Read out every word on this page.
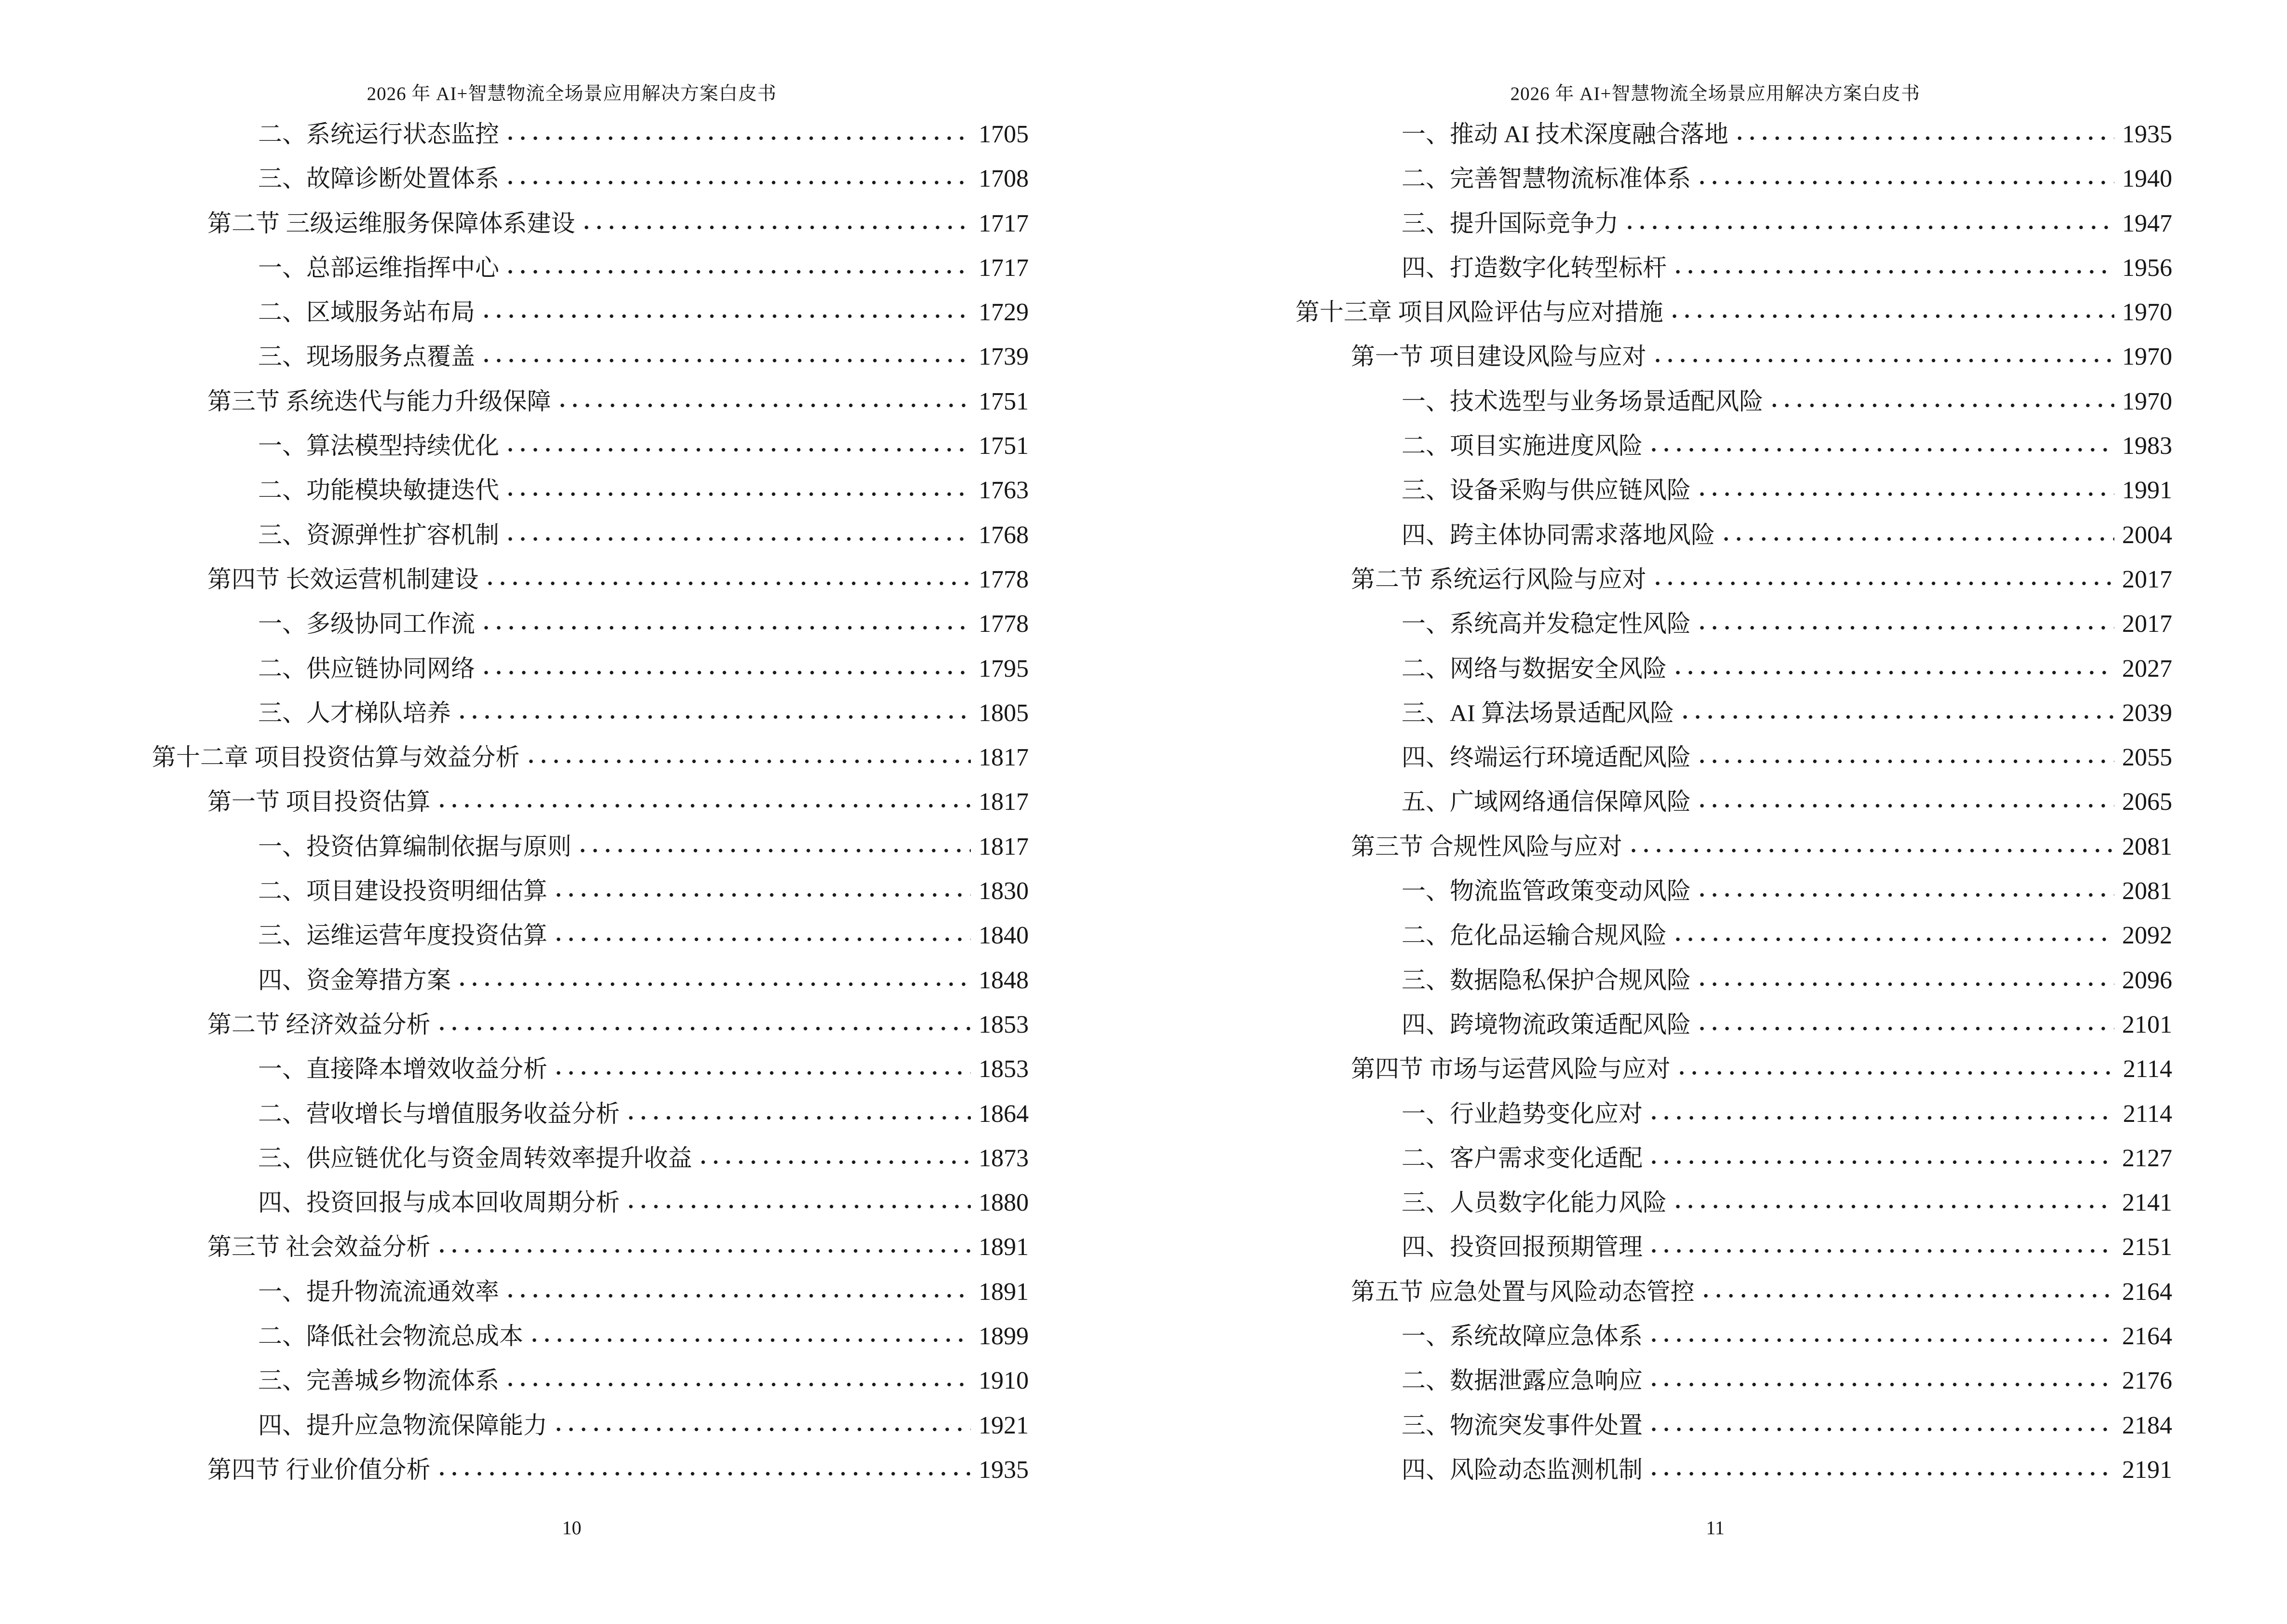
2026 年 AI+智慧物流全场景应用解决方案白皮书
二、系统运行状态监控	1705
三、故障诊断处置体系	1708
第二节 三级运维服务保障体系建设	1717
一、总部运维指挥中心	1717
二、区域服务站布局	1729
三、现场服务点覆盖	1739
第三节 系统迭代与能力升级保障	1751
一、算法模型持续优化	1751
二、功能模块敏捷迭代	1763
三、资源弹性扩容机制	1768
第四节 长效运营机制建设	1778
一、多级协同工作流	1778
二、供应链协同网络	1795
三、人才梯队培养	1805
第十二章 项目投资估算与效益分析	1817
第一节 项目投资估算	1817
一、投资估算编制依据与原则	1817
二、项目建设投资明细估算	1830
三、运维运营年度投资估算	1840
四、资金筹措方案	1848
第二节 经济效益分析	1853
一、直接降本增效收益分析	1853
二、营收增长与增值服务收益分析	1864
三、供应链优化与资金周转效率提升收益	1873
四、投资回报与成本回收周期分析	1880
第三节 社会效益分析	1891
一、提升物流流通效率	1891
二、降低社会物流总成本	1899
三、完善城乡物流体系	1910
四、提升应急物流保障能力	1921
第四节 行业价值分析	1935
10
2026 年 AI+智慧物流全场景应用解决方案白皮书
一、推动 AI 技术深度融合落地	1935
二、完善智慧物流标准体系	1940
三、提升国际竞争力	1947
四、打造数字化转型标杆	1956
第十三章 项目风险评估与应对措施	1970
第一节 项目建设风险与应对	1970
一、技术选型与业务场景适配风险	1970
二、项目实施进度风险	1983
三、设备采购与供应链风险	1991
四、跨主体协同需求落地风险	2004
第二节 系统运行风险与应对	2017
一、系统高并发稳定性风险	2017
二、网络与数据安全风险	2027
三、AI 算法场景适配风险	2039
四、终端运行环境适配风险	2055
五、广域网络通信保障风险	2065
第三节 合规性风险与应对	2081
一、物流监管政策变动风险	2081
二、危化品运输合规风险	2092
三、数据隐私保护合规风险	2096
四、跨境物流政策适配风险	2101
第四节 市场与运营风险与应对	2114
一、行业趋势变化应对	2114
二、客户需求变化适配	2127
三、人员数字化能力风险	2141
四、投资回报预期管理	2151
第五节 应急处置与风险动态管控	2164
一、系统故障应急体系	2164
二、数据泄露应急响应	2176
三、物流突发事件处置	2184
四、风险动态监测机制	2191
11
